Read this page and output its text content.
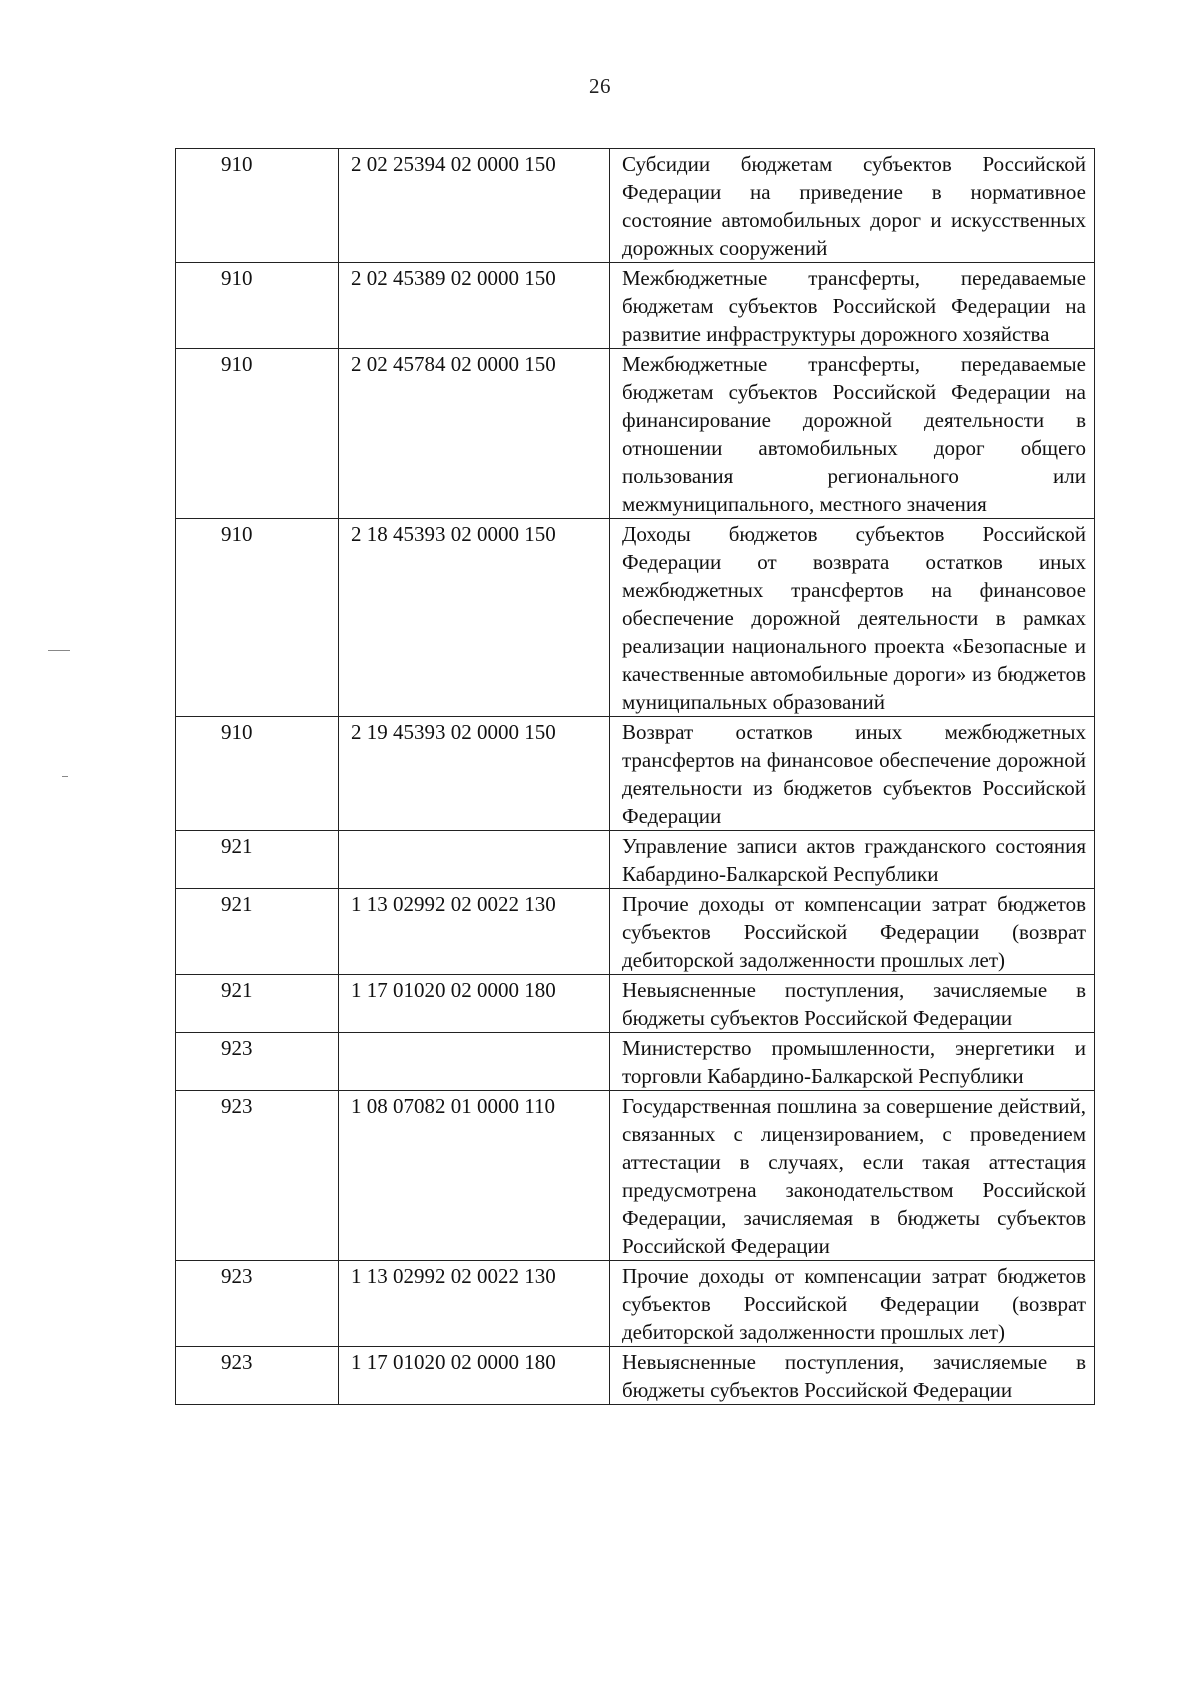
26
910	2 02 25394 02 0000 150	Субсидии бюджетам субъектов Российской Федерации на приведение в нормативное состояние автомобильных дорог и искусственных дорожных сооружений
910	2 02 45389 02 0000 150	Межбюджетные трансферты, передаваемые бюджетам субъектов Российской Федерации на развитие инфраструктуры дорожного хозяйства
910	2 02 45784 02 0000 150	Межбюджетные трансферты, передаваемые бюджетам субъектов Российской Федерации на финансирование дорожной деятельности в отношении автомобильных дорог общего пользования регионального или межмуниципального, местного значения
910	2 18 45393 02 0000 150	Доходы бюджетов субъектов Российской Федерации от возврата остатков иных межбюджетных трансфертов на финансовое обеспечение дорожной деятельности в рамках реализации национального проекта «Безопасные и качественные автомобильные дороги» из бюджетов муниципальных образований
910	2 19 45393 02 0000 150	Возврат остатков иных межбюджетных трансфертов на финансовое обеспечение дорожной деятельности из бюджетов субъектов Российской Федерации
921		Управление записи актов гражданского состояния Кабардино-Балкарской Республики
921	1 13 02992 02 0022 130	Прочие доходы от компенсации затрат бюджетов субъектов Российской Федерации (возврат дебиторской задолженности прошлых лет)
921	1 17 01020 02 0000 180	Невыясненные поступления, зачисляемые в бюджеты субъектов Российской Федерации
923		Министерство промышленности, энергетики и торговли Кабардино-Балкарской Республики
923	1 08 07082 01 0000 110	Государственная пошлина за совершение действий, связанных с лицензированием, с проведением аттестации в случаях, если такая аттестация предусмотрена законодательством Российской Федерации, зачисляемая в бюджеты субъектов Российской Федерации
923	1 13 02992 02 0022 130	Прочие доходы от компенсации затрат бюджетов субъектов Российской Федерации (возврат дебиторской задолженности прошлых лет)
923	1 17 01020 02 0000 180	Невыясненные поступления, зачисляемые в бюджеты субъектов Российской Федерации
